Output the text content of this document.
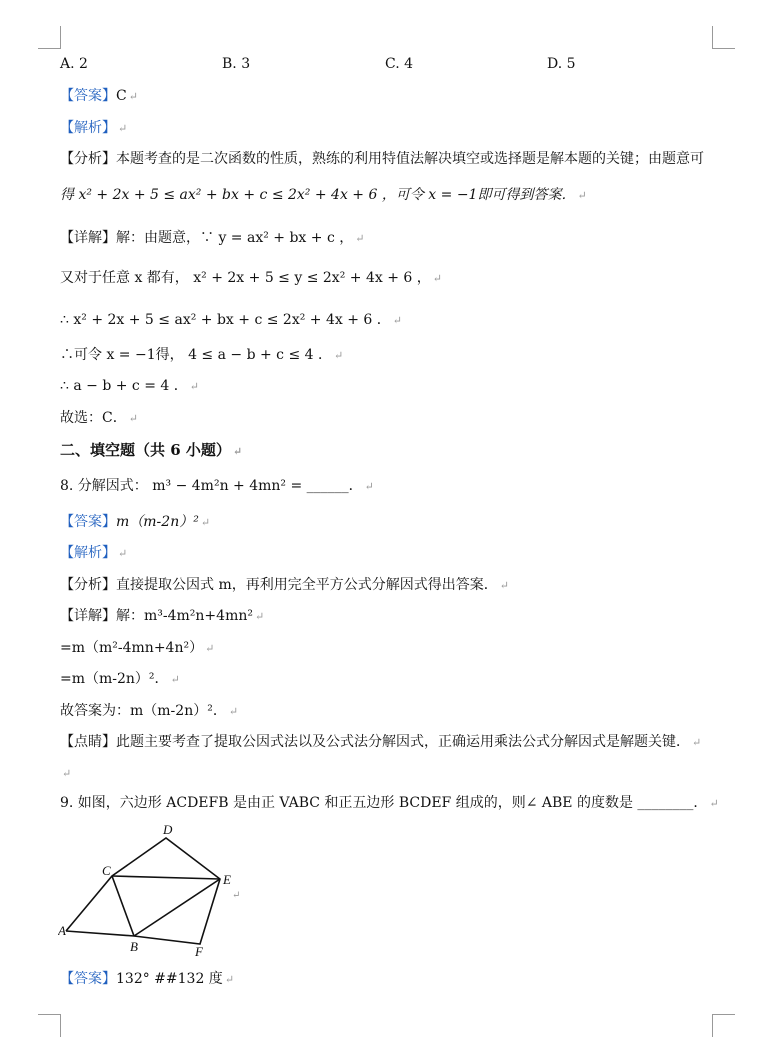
A. 2	B. 3	C. 4	D. 5
【答案】C ↵
【解析】 ↵
【分析】本题考查的是二次函数的性质，熟练的利用特值法解决填空或选择题是解本题的关键；由题意可
得 x² + 2x + 5 ≤ ax² + bx + c ≤ 2x² + 4x + 6 ，可令 x = −1即可得到答案． ↵
【详解】解：由题意，∵ y = ax² + bx + c ， ↵
又对于任意 x 都有， x² + 2x + 5 ≤ y ≤ 2x² + 4x + 6 ， ↵
∴ x² + 2x + 5 ≤ ax² + bx + c ≤ 2x² + 4x + 6 ． ↵
∴可令 x = −1得， 4 ≤ a − b + c ≤ 4 ． ↵
∴ a − b + c = 4 ． ↵
故选：C． ↵
二、填空题（共 6 小题） ↵
8. 分解因式： m³ − 4m²n + 4mn² = ______． ↵
【答案】m（m-2n）² ↵
【解析】 ↵
【分析】直接提取公因式 m，再利用完全平方公式分解因式得出答案． ↵
【详解】解：m³-4m²n+4mn² ↵
=m（m²-4mn+4n²） ↵
=m（m-2n）²． ↵
故答案为：m（m-2n）²． ↵
【点睛】此题主要考查了提取公因式法以及公式法分解因式，正确运用乘法公式分解因式是解题关键． ↵
↵
9. 如图，六边形 ACDEFB 是由正 VABC 和正五边形 BCDEF 组成的，则∠ ABE 的度数是 ________． ↵
A
B
C
D
E
F
↵
【答案】132° ##132 度 ↵
